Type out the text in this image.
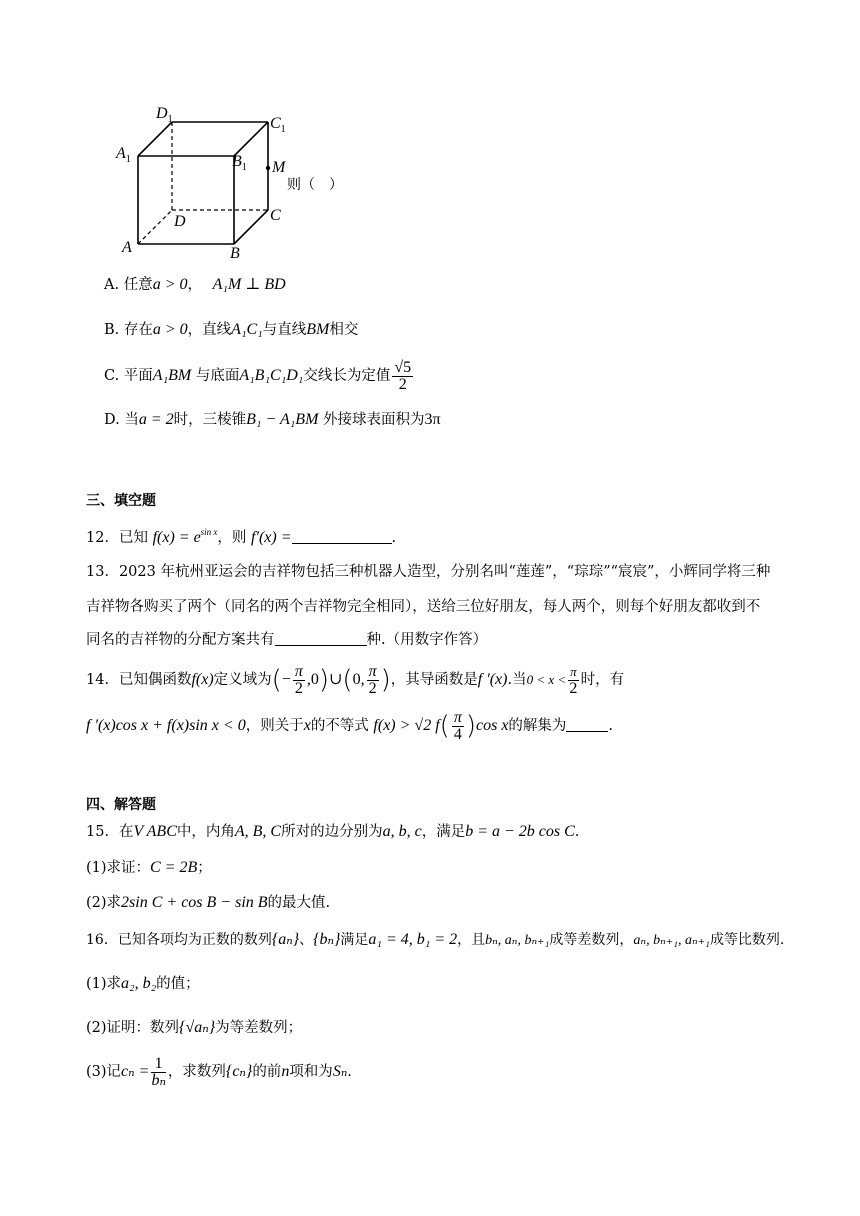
$A_1$	$B_1$
$D_1$	$C_1$
M
A	B
D	C
则（　）
A. 任意a > 0， A₁M ⊥ BD
B. 存在a > 0，直线A₁C₁与直线BM相交
C. 平面A₁BM 与底面A₁B₁C₁D₁交线长为定值 $\frac{√5}{2}$
D. 当a = 2时，三棱锥B₁ − A₁BM 外接球表面积为3π
三、填空题
12．已知 $f(x) = e^{sin x}$，则 f′(x) =	.
13．2023 年杭州亚运会的吉祥物包括三种机器人造型，分别名叫“莲莲”，“琮琮”“宸宸”，小辉同学将三种
吉祥物各购买了两个（同名的两个吉祥物完全相同），送给三位好朋友，每人两个，则每个好朋友都收到不
同名的吉祥物的分配方案共有	种.（用数字作答）
14．已知偶函数f(x)定义域为(− $\frac{\pi}{2}$ ,0)∪(0, $\frac{\pi}{2}$ )，其导函数是f ′(x).当$0 < x < \frac{\pi}{2}$ 时，有
f ′(x)cos x + f(x)sin x < 0，则关于x的不等式 f(x) > √2 $f( \frac{\pi}{4} )\cos$ x的解集为	.
四、解答题
15．在V ABC中，内角A, B, C所对的边分别为a, b, c，满足b = a − 2b cos C.
(1)求证：C = 2B；
(2)求2sin C + cos B − sin B的最大值.
16．已知各项均为正数的数列{aₙ}、{bₙ}满足a₁ = 4, b₁ = 2，且bₙ, aₙ, bₙ₊₁成等差数列，aₙ, bₙ₊₁, aₙ₊₁成等比数列.
(1)求a₂, b₂的值；
(2)证明：数列{√aₙ}为等差数列；
(3)记$c_n = \frac{1}{\text{bₙ}}$ ，求数列{cₙ}的前n项和为Sₙ.
